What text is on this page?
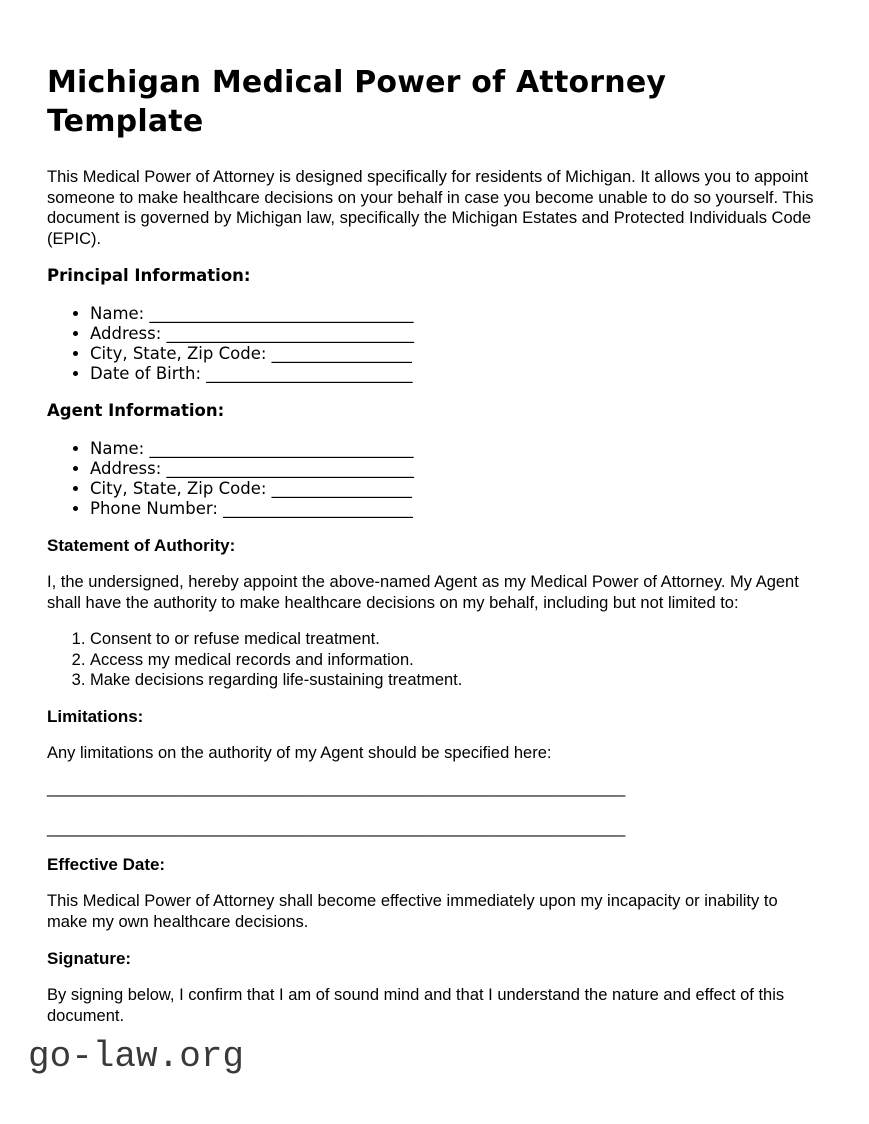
Michigan Medical Power of Attorney Template

This Medical Power of Attorney is designed specifically for residents of Michigan. It allows you to appoint someone to make healthcare decisions on your behalf in case you become unable to do so yourself. This document is governed by Michigan law, specifically the Michigan Estates and Protected Individuals Code (EPIC).

Principal Information:
• Name: ________________________________
• Address: ______________________________
• City, State, Zip Code: _________________
• Date of Birth: _________________________
Agent Information:
• Name: ________________________________
• Address: ______________________________
• City, State, Zip Code: _________________
• Phone Number: _______________________
Statement of Authority:

I, the undersigned, hereby appoint the above-named Agent as my Medical Power of Attorney. My Agent shall have the authority to make healthcare decisions on my behalf, including but not limited to:

1. Consent to or refuse medical treatment.
2. Access my medical records and information.
3. Make decisions regarding life-sustaining treatment.
Limitations:

Any limitations on the authority of my Agent should be specified here:

_______________________________________________________________

_______________________________________________________________

Effective Date:

This Medical Power of Attorney shall become effective immediately upon my incapacity or inability to make my own healthcare decisions.

Signature:

By signing below, I confirm that I am of sound mind and that I understand the nature and effect of this document.

go-law.org
